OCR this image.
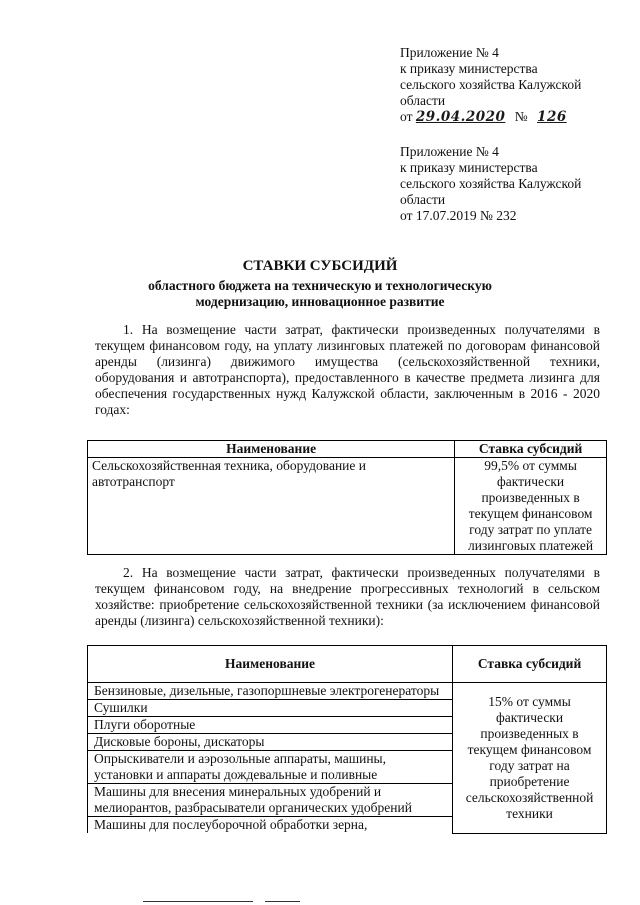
Приложение № 4
к приказу министерства
сельского хозяйства Калужской
области
от 29.04.2020 № 126
Приложение № 4
к приказу министерства
сельского хозяйства Калужской
области
от 17.07.2019 № 232
СТАВКИ СУБСИДИЙ
областного бюджета на техническую и технологическую
модернизацию, инновационное развитие
1. На возмещение части затрат, фактически произведенных получателями в текущем финансовом году, на уплату лизинговых платежей по договорам финансовой аренды (лизинга) движимого имущества (сельскохозяйственной техники, оборудования и автотранспорта), предоставленного в качестве предмета лизинга для обеспечения государственных нужд Калужской области, заключенным в 2016 - 2020 годах:
Наименование	Ставка субсидий
Сельскохозяйственная техника, оборудование и автотранспорт	99,5% от суммы фактически произведенных в текущем финансовом году затрат по уплате лизинговых платежей
2. На возмещение части затрат, фактически произведенных получателями в текущем финансовом году, на внедрение прогрессивных технологий в сельском хозяйстве: приобретение сельскохозяйственной техники (за исключением финансовой аренды (лизинга) сельскохозяйственной техники):
Наименование	Ставка субсидий
Бензиновые, дизельные, газопоршневые электрогенераторы	15% от суммы фактически произведенных в текущем финансовом году затрат на приобретение сельскохозяйственной техники
Сушилки	
Плуги оборотные	
Дисковые бороны, дискаторы	
Опрыскиватели и аэрозольные аппараты, машины, установки и аппараты дождевальные и поливные	
Машины для внесения минеральных удобрений и мелиорантов, разбрасыватели органических удобрений	
Машины для послеуборочной обработки зерна,	
